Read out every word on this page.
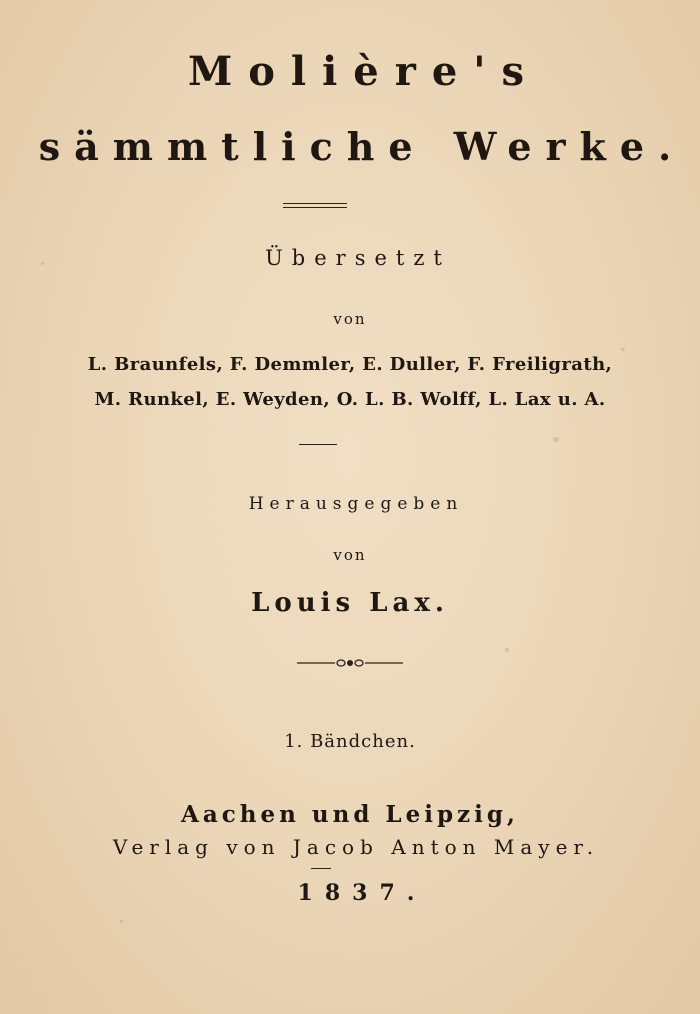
Molière's
sämmtliche Werke.
Übersetzt
von
L. Braunfels, F. Demmler, E. Duller, F. Freiligrath,
M. Runkel, E. Weyden, O. L. B. Wolff, L. Lax u. A.
Herausgegeben
von
Louis Lax.
1. Bändchen.
Aachen und Leipzig,
Verlag von Jacob Anton Mayer.
1837.
